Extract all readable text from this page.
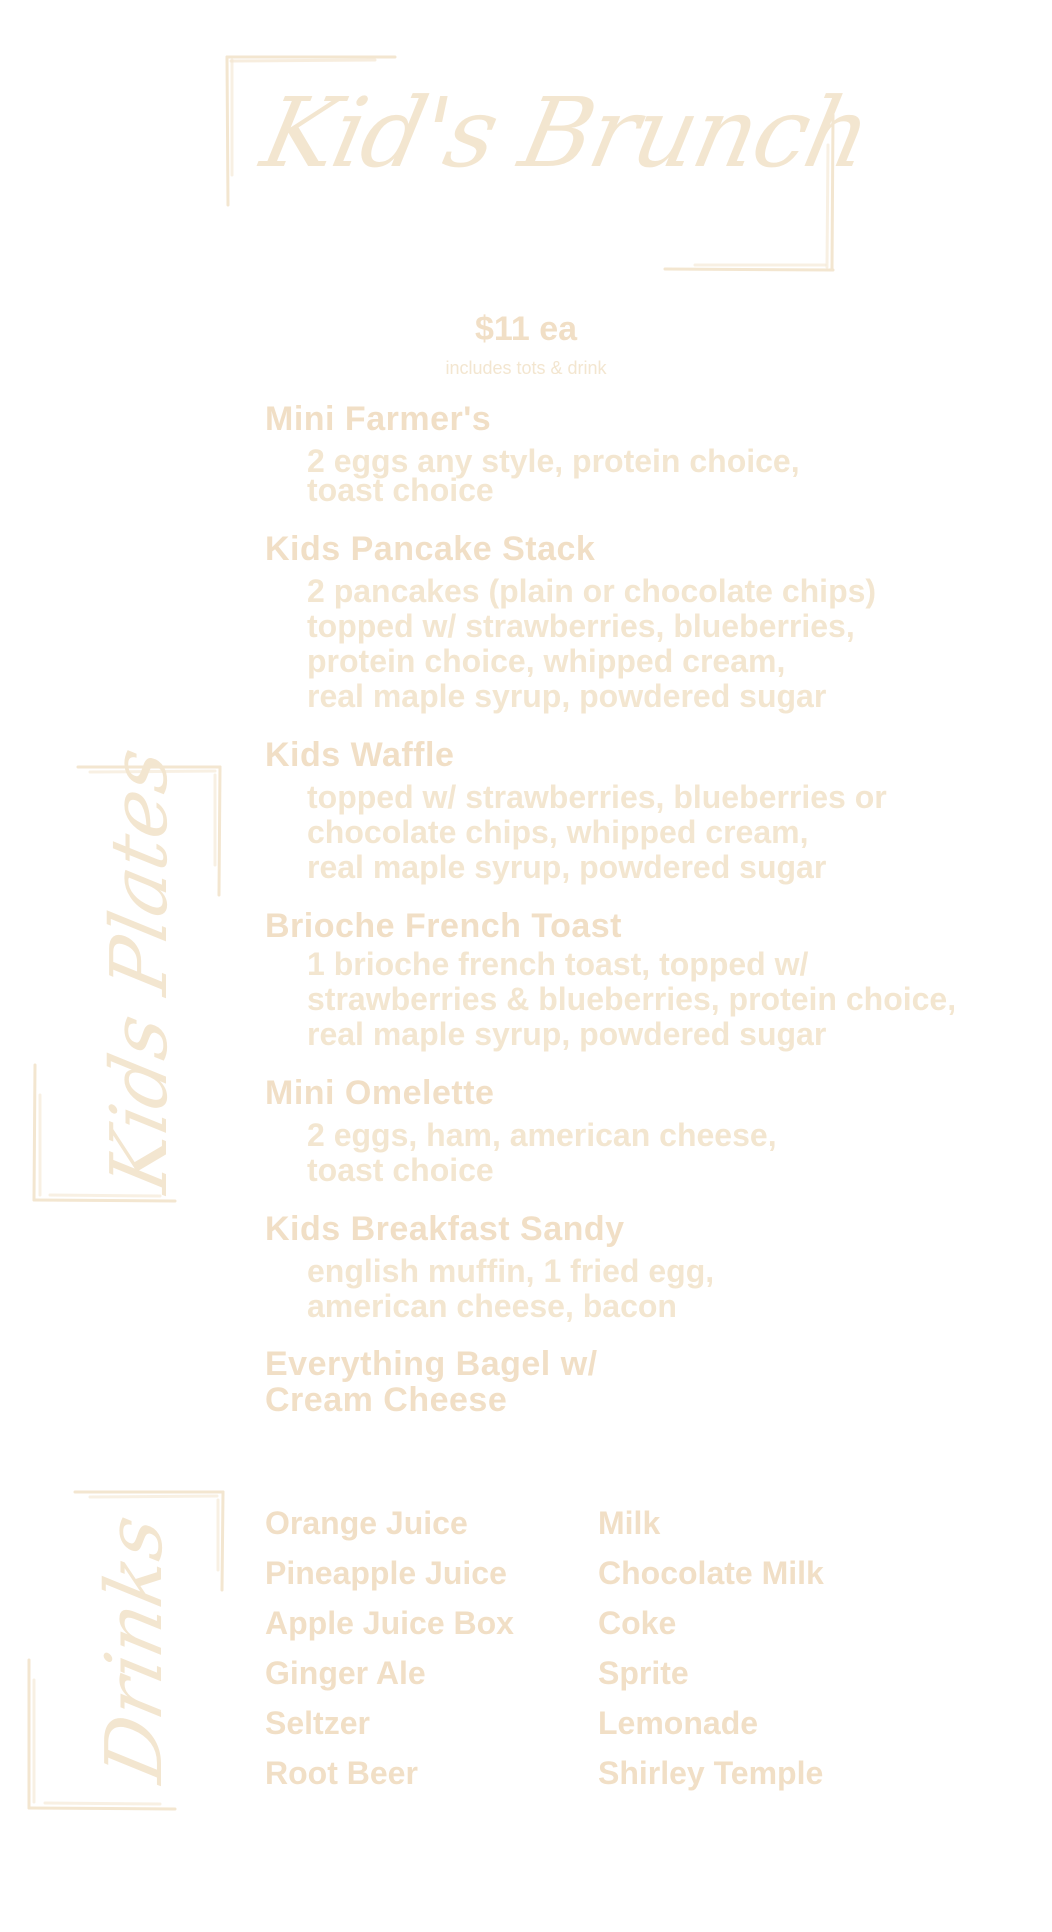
Kid's Brunch
$11 ea
includes tots & drink
Kids Plates
Mini Farmer's
2 eggs any style, protein choice,
toast choice
Kids Pancake Stack
2 pancakes (plain or chocolate chips)
topped w/ strawberries, blueberries,
protein choice, whipped cream,
real maple syrup, powdered sugar
Kids Waffle
topped w/ strawberries, blueberries or
chocolate chips, whipped cream,
real maple syrup, powdered sugar
Brioche French Toast
1 brioche french toast, topped w/
strawberries & blueberries, protein choice,
real maple syrup, powdered sugar
Mini Omelette
2 eggs, ham, american cheese,
toast choice
Kids Breakfast Sandy
english muffin, 1 fried egg,
american cheese, bacon
Everything Bagel w/
Cream Cheese
Drinks	Orange Juice
Pineapple Juice
Apple Juice Box
Ginger Ale
Seltzer
Root Beer
Milk
Chocolate Milk
Coke
Sprite
Lemonade
Shirley Temple
